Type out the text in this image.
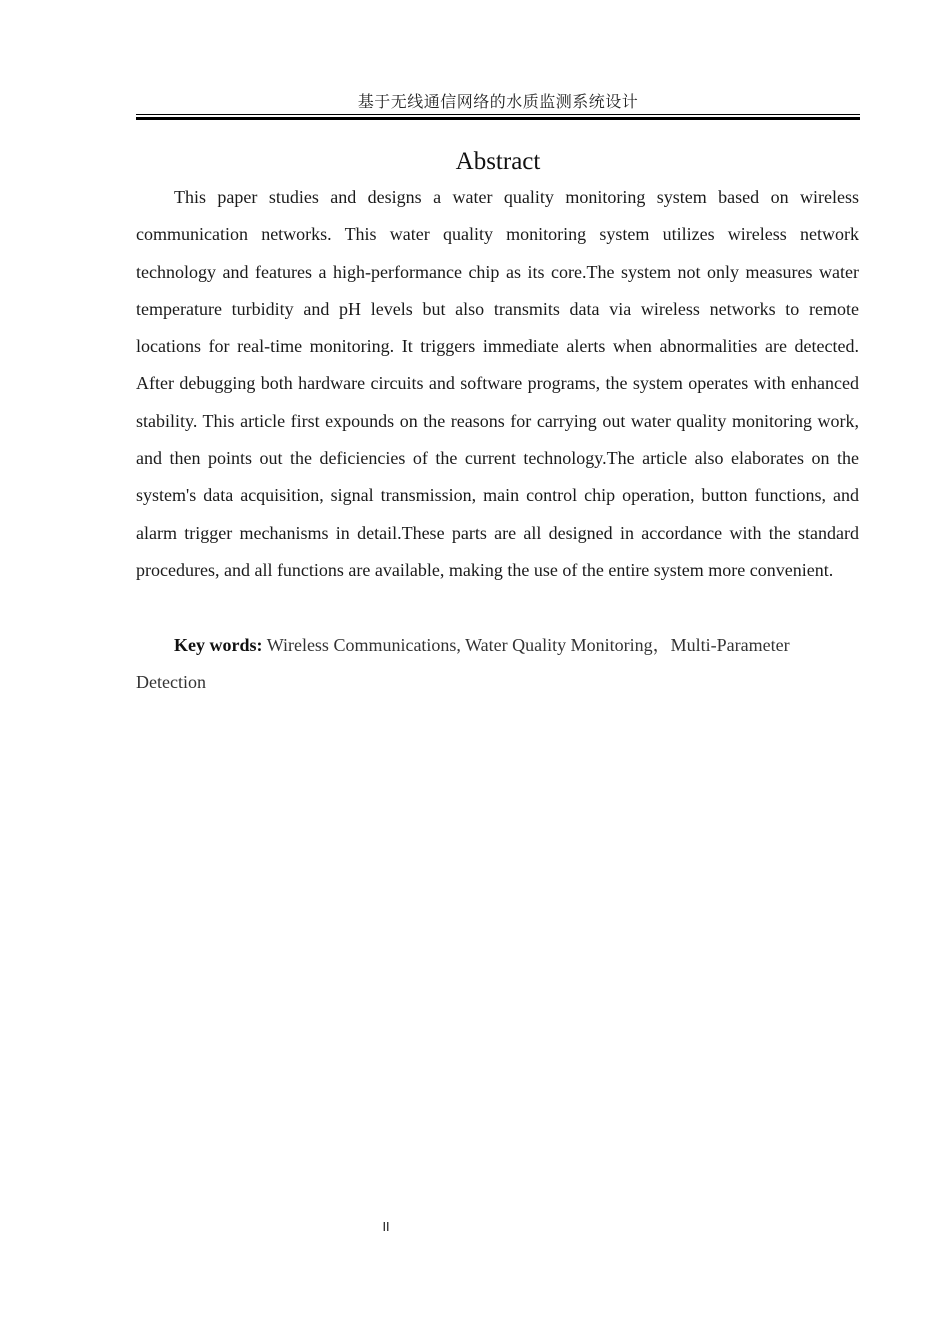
基于无线通信网络的水质监测系统设计
Abstract

This paper studies and designs a water quality monitoring system based on wireless communication networks. This water quality monitoring system utilizes wireless network technology and features a high-performance chip as its core.The system not only measures water temperature turbidity and pH levels but also transmits data via wireless networks to remote locations for real-time monitoring. It triggers immediate alerts when abnormalities are detected. After debugging both hardware circuits and software programs, the system operates with enhanced stability. This article first expounds on the reasons for carrying out water quality monitoring work, and then points out the deficiencies of the current technology.The article also elaborates on the system's data acquisition, signal transmission, main control chip operation, button functions, and alarm trigger mechanisms in detail.These parts are all designed in accordance with the standard procedures, and all functions are available, making the use of the entire system more convenient.

Key words: Wireless Communications, Water Quality Monitoring，Multi-Parameter Detection

II
